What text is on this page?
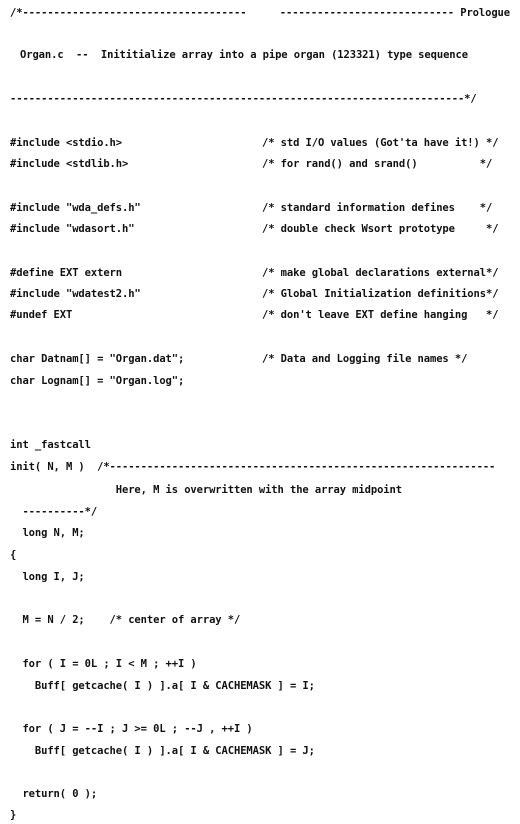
/*------------------------------------	---------------------------- Prologue
Organ.c  --  Inititialize array into a pipe organ (123321) type sequence
-------------------------------------------------------------------------*/
#include <stdio.h>	/* std I/O values (Got'ta have it!) */
#include <stdlib.h>	/* for rand() and srand()          */
#include "wda_defs.h"	/* standard information defines    */
#include "wdasort.h"	/* double check Wsort prototype     */
#define EXT extern	/* make global declarations external*/
#include "wdatest2.h"	/* Global Initialization definitions*/
#undef EXT	/* don't leave EXT define hanging   */
char Datnam[] = "Organ.dat";	/* Data and Logging file names */
char Lognam[] = "Organ.log";
int _fastcall
init( N, M )  /*--------------------------------------------------------------
Here, M is overwritten with the array midpoint
----------*/
long N, M;
{
long I, J;
M = N / 2;    /* center of array */
for ( I = 0L ; I < M ; ++I )
Buff[ getcache( I ) ].a[ I & CACHEMASK ] = I;
for ( J = --I ; J >= 0L ; --J , ++I )
Buff[ getcache( I ) ].a[ I & CACHEMASK ] = J;
return( 0 );
}
